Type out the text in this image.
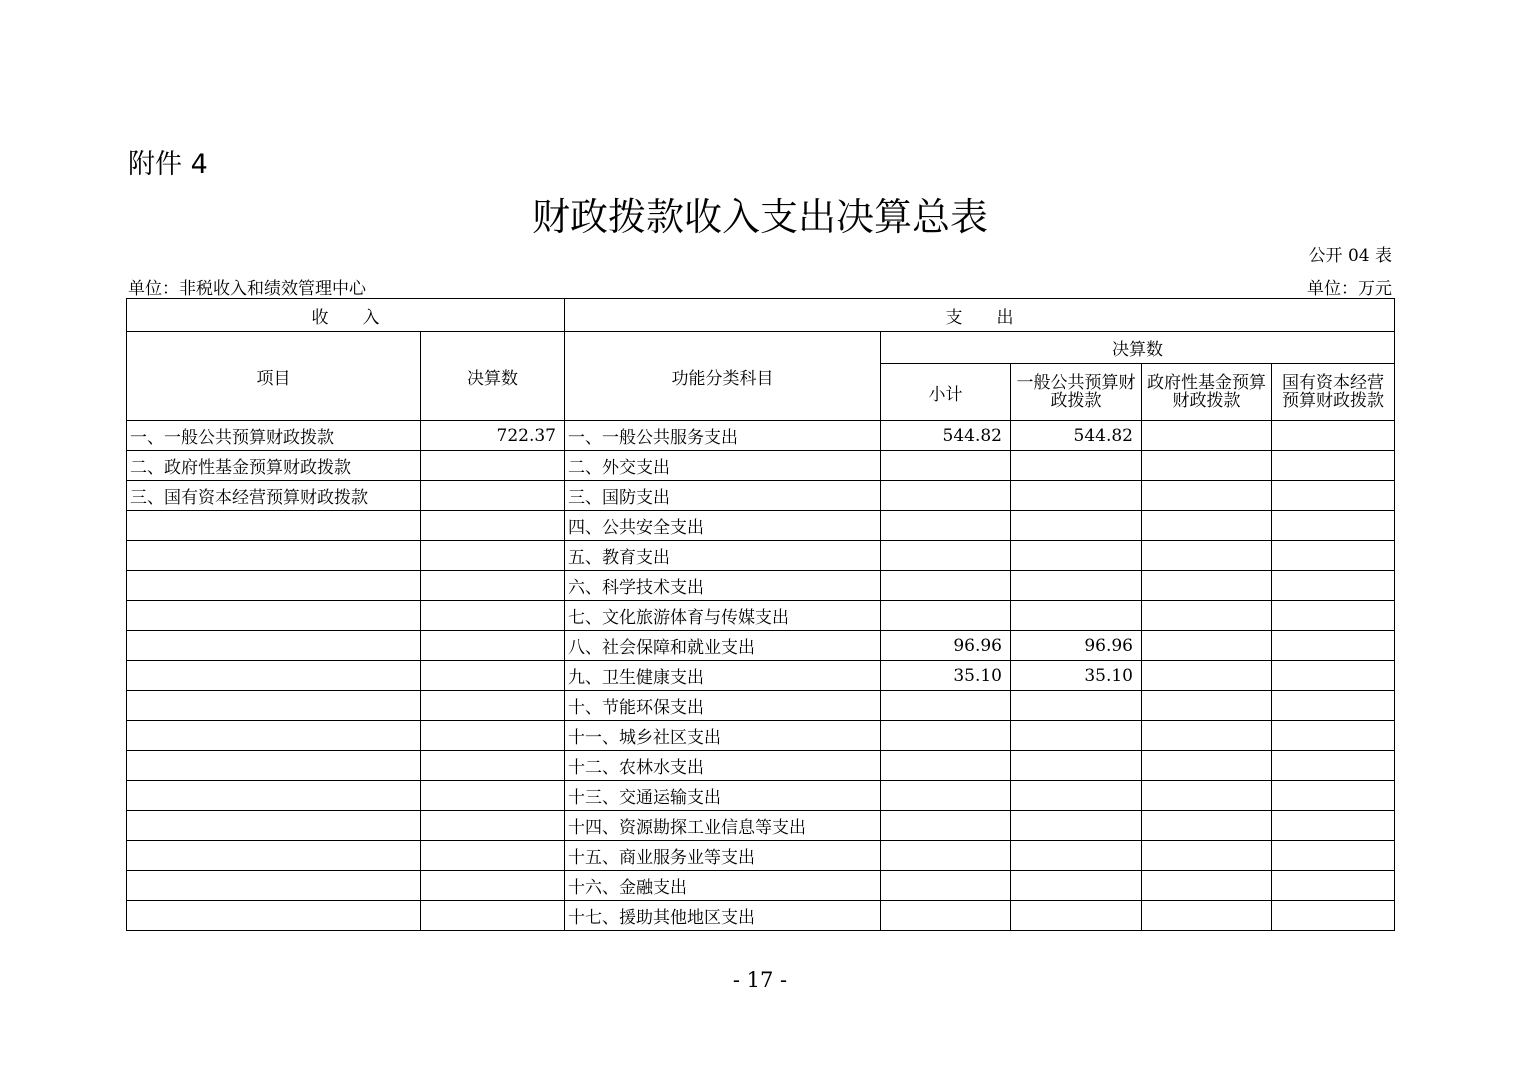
附件 4
财政拨款收入支出决算总表
公开 04 表
单位：非税收入和绩效管理中心	单位：万元
收　　入		支　　出				
项目	决算数	功能分类科目	决算数			
			小计	一般公共预算财政拨款	政府性基金预算财政拨款	国有资本经营预算财政拨款
一、一般公共预算财政拨款	722.37	一、一般公共服务支出	544.82	544.82		
二、政府性基金预算财政拨款		二、外交支出				
三、国有资本经营预算财政拨款		三、国防支出				
		四、公共安全支出				
		五、教育支出				
		六、科学技术支出				
		七、文化旅游体育与传媒支出				
		八、社会保障和就业支出	96.96	96.96		
		九、卫生健康支出	35.10	35.10		
		十、节能环保支出				
		十一、城乡社区支出				
		十二、农林水支出				
		十三、交通运输支出				
		十四、资源勘探工业信息等支出				
		十五、商业服务业等支出				
		十六、金融支出				
		十七、援助其他地区支出				
- 17 -
